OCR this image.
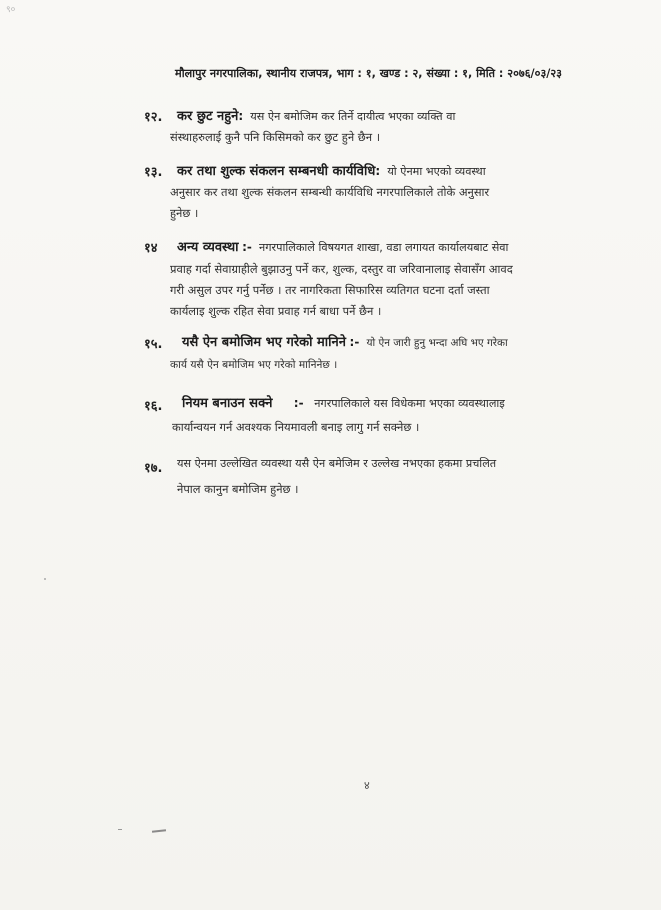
९०
मौलापुर नगरपालिका, स्थानीय राजपत्र, भाग : १, खण्ड : २, संख्या : १, मिति : २०७६/०३/२३
१२. कर छुट नहुने: यस ऐन बमोजिम कर तिर्ने दायीत्व भएका व्यक्ति वा
संस्थाहरुलाई कुनै पनि किसिमको कर छुट हुने छैन ।
१३. कर तथा शुल्क संकलन सम्बनधी कार्यविधि: यो ऐनमा भएको व्यवस्था
अनुसार कर तथा शुल्क संकलन सम्बन्धी कार्यविधि नगरपालिकाले तोके अनुसार
हुनेछ ।
१४ अन्य व्यवस्था :- नगरपालिकाले विषयगत शाखा, वडा लगायत कार्यालयबाट सेवा
प्रवाह गर्दा सेवाग्राहीले बुझाउनु पर्ने कर, शुल्क, दस्तुर वा जरिवानालाइ सेवासँग आवद
गरी असुल उपर गर्नु पर्नेछ । तर नागरिकता सिफारिस व्यतिगत घटना दर्ता जस्ता
कार्यलाइ शुल्क रहित सेवा प्रवाह गर्न बाधा पर्ने छैन ।
१५. यसै ऐन बमोजिम भए गरेको मानिने :- यो ऐन जारी हुनु भन्दा अघि भए गरेका
कार्य यसै ऐन बमोजिम भए गरेको मानिनेछ ।
१६. नियम बनाउन सक्ने :- नगरपालिकाले यस विधेकमा भएका व्यवस्थालाइ
कार्यान्वयन गर्न अवश्यक नियमावली बनाइ लागु गर्न सक्नेछ ।
१७. यस ऐनमा उल्लेखित व्यवस्था यसै ऐन बमेजिम र उल्लेख नभएका हकमा प्रचलित
नेपाल कानुन बमोजिम हुनेछ ।
४
